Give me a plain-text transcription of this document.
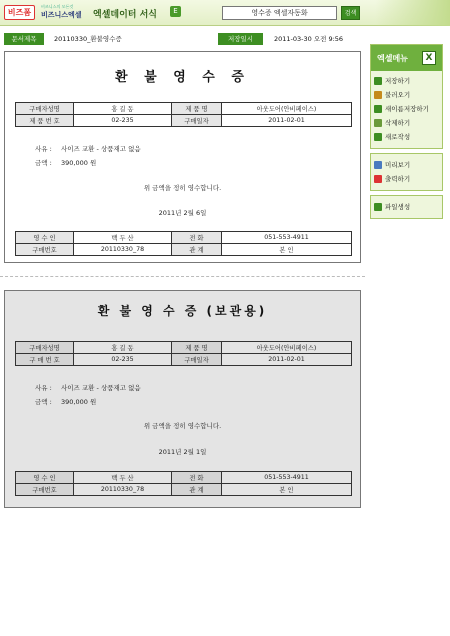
비즈폼
비즈니스의 모든것
비즈니스엑셀 엑셀데이터 서식	E
영수증 엑셀자동화	검색
문서제목	20110330_환불영수증	저장일시	2011-03-30 오전 9:56
환 불 영 수 증
구매자성명	홍 길 동	제 품 명	아웃도어(안비페이스)
제 품 번 호	02-235	구매일자	2011-02-01
사유 : 사이즈 교환 - 상품재고 없음
금액 : 390,000 원
위 금액을 정히 영수합니다.
2011년 2월 6일
영 수 인	백 두 산	전 화	051-553-4911
구매번호	20110330_78	관 계	본 인
환 불 영 수 증 (보관용)
구매자성명	홍 길 동	제 품 명	아웃도어(안비페이스)
구 매 번 호	02-235	구매일자	2011-02-01
사유 : 사이즈 교환 - 상품재고 없음
금액 : 390,000 원
위 금액을 정히 영수합니다.
2011년 2월 1일
영 수 인	백 두 산	전 화	051-553-4911
구매번호	20110330_78	관 계	본 인
엑셀메뉴	X
저장하기
불러오기
새이름저장하기
삭제하기
새로작성
미리보기
출력하기
파일생성
